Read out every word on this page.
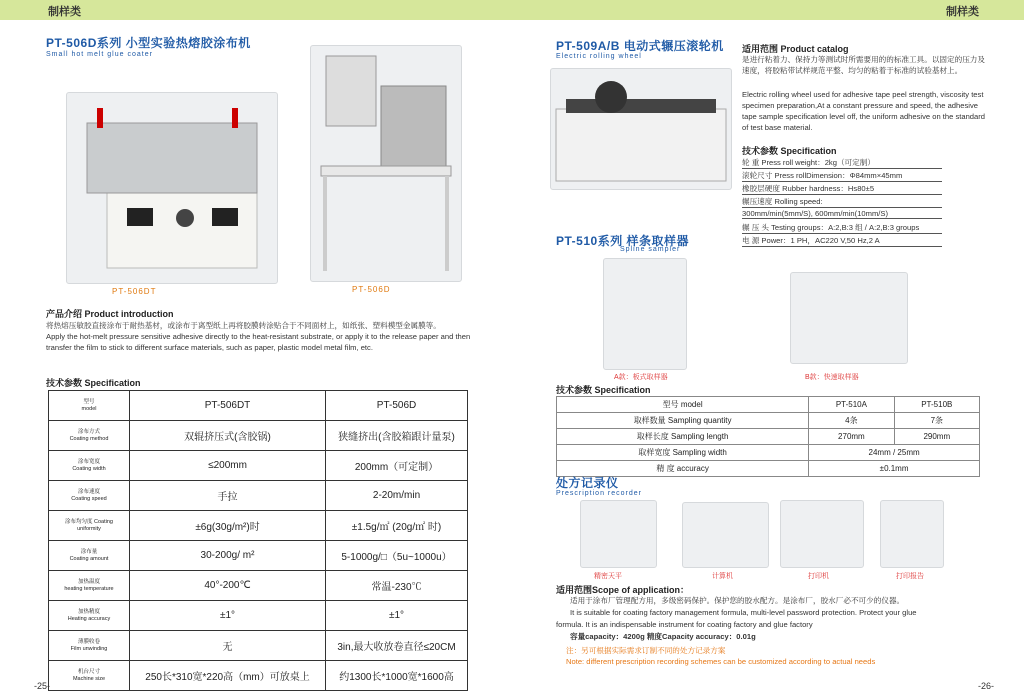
制样类	制样类
PT-506D系列 小型实验热熔胶涂布机
Small hot melt glue coater
PT-506DT	PT-506D
产品介绍 Product introduction
将热熔压敏胶直接涂布于耐热基材，或涂布于离型纸上再将胶膜转涂贴合于不同面材上，如纸张、塑料模型金属膜等。
Apply the hot-melt pressure sensitive adhesive directly to the heat-resistant substrate, or apply it to the release paper and then transfer the film to stick to different surface materials, such as paper, plastic model metal film, etc.
技术参数 Specification
型号
model	PT-506DT	PT-506D
涂布方式
Coating method	双辊挤压式(含胶锅)	狭缝挤出(含胶箱跟计量泵)
涂布宽度
Coating width	≤200mm	200mm（可定制）
涂布速度
Coating speed	手拉	2-20m/min
涂布均匀度 Coating
uniformity	±6g(30g/m²)时	±1.5g/㎡ (20g/㎡ 时)
涂布量
Coating amount	30-200g/ m²	5-1000g/□（5u~1000u）
加热温度
heating temperature	40°-200℃	常温-230℃
加热精度
Heating accuracy	±1°	±1°
薄膜收卷
Film unwinding	无	3in,最大收放卷直径≤20CM
机台尺寸
Machine size	250长*310宽*220高（mm）可放桌上	约1300长*1000宽*1600高
-25-
PT-509A/B 电动式辗压滚轮机
Electric rolling wheel
适用范围 Product catalog
是进行粘着力、保持力等测试时所需要用的的标准工具。以固定的压力及速度，将胶粘带试样规范平整、均匀的粘着于标准的试验基材上。
Electric rolling wheel used for adhesive tape peel strength, viscosity test specimen preparation,At a constant pressure and speed, the adhesive tape sample specification level off, the uniform adhesive on the standard of test base material.
技术参数 Specification
轮 重 Press roll weight：2kg（可定制）
滚轮尺寸 Press rollDimension：Φ84mm×45mm
橡胶层硬度 Rubber hardness：Hs80±5
辗压速度 Rolling speed:
300mm/min(5mm/S), 600mm/min(10mm/S)
辗 压 头 Testing groups：A:2,B:3 组 / A:2,B:3 groups
电 源 Power：1 PH，AC220 V,50 Hz,2 A
PT-510系列 样条取样器
Spline sampler
A款：板式取样器	B款：快速取样器
技术参数 Specification
型号 model	PT-510A	PT-510B
取样数量 Sampling quantity	4条	7条
取样长度 Sampling length	270mm	290mm
取样宽度 Sampling width	24mm / 25mm	
精 度 accuracy	±0.1mm	
处方记录仪
Prescription recorder
精密天平	计算机	打印机	打印报告
适用范围Scope of application：
适用于涂布厂管理配方用，多级密码保护。保护您的胶水配方。是涂布厂，胶水厂必不可少的仪器。
It is suitable for coating factory management formula, multi-level password protection. Protect your glue
formula. It is an indispensable instrument for coating factory and glue factory
容量capacity：4200g 精度Capacity accuracy：0.01g
注：另可根据实际需求订制不同的处方记录方案
Note: different prescription recording schemes can be customized according to actual needs
-26-
